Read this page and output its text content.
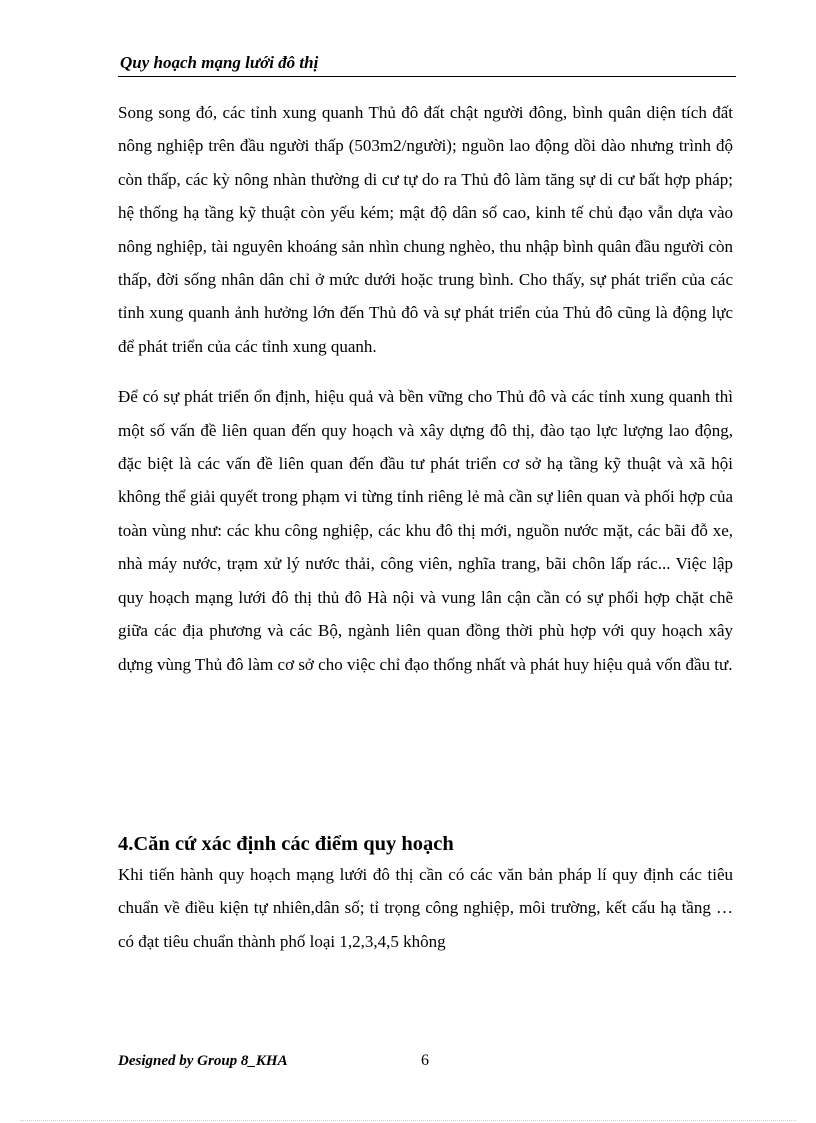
Quy hoạch mạng lưới đô thị

Song song đó, các tỉnh xung quanh Thủ đô đất chật người đông, bình quân diện tích đất nông nghiệp trên đầu người thấp (503m2/người); nguồn lao động dồi dào nhưng trình độ còn thấp, các kỳ nông nhàn thường di cư tự do ra Thủ đô làm tăng sự di cư bất hợp pháp; hệ thống hạ tầng kỹ thuật còn yếu kém; mật độ dân số cao, kinh tế chủ đạo vẫn dựa vào nông nghiệp, tài nguyên khoáng sản nhìn chung nghèo, thu nhập bình quân đầu người còn thấp, đời sống nhân dân chỉ ở mức dưới hoặc trung bình. Cho thấy, sự phát triển của các tỉnh xung quanh ảnh hưởng lớn đến Thủ đô và sự phát triển của Thủ đô cũng là động lực để phát triển của các tỉnh xung quanh.

Để có sự phát triển ổn định, hiệu quả và bền vững cho Thủ đô và các tỉnh xung quanh thì một số vấn đề liên quan đến quy hoạch và xây dựng đô thị, đào tạo lực lượng lao động, đặc biệt là các vấn đề liên quan đến đầu tư phát triển cơ sở hạ tầng kỹ thuật và xã hội không thể giải quyết trong phạm vi từng tỉnh riêng lẻ mà cần sự liên quan và phối hợp của toàn vùng như: các khu công nghiệp, các khu đô thị mới, nguồn nước mặt, các bãi đỗ xe, nhà máy nước, trạm xử lý nước thải, công viên, nghĩa trang, bãi chôn lấp rác... Việc lập quy hoạch mạng lưới đô thị thủ đô Hà nội và vung lân cận cần có sự phối hợp chặt chẽ giữa các địa phương và các Bộ, ngành liên quan đồng thời phù hợp với quy hoạch xây dựng vùng Thủ đô làm cơ sở cho việc chỉ đạo thống nhất và phát huy hiệu quả vốn đầu tư.

4.Căn cứ xác định các điểm quy hoạch

Khi tiến hành quy hoạch mạng lưới đô thị cần có các văn bản pháp lí quy định các tiêu chuẩn về điều kiện tự nhiên,dân số; tỉ trọng công nghiệp, môi trường, kết cấu hạ tầng … có đạt tiêu chuẩn thành phố loại 1,2,3,4,5 không

Designed by Group 8_KHA	6
